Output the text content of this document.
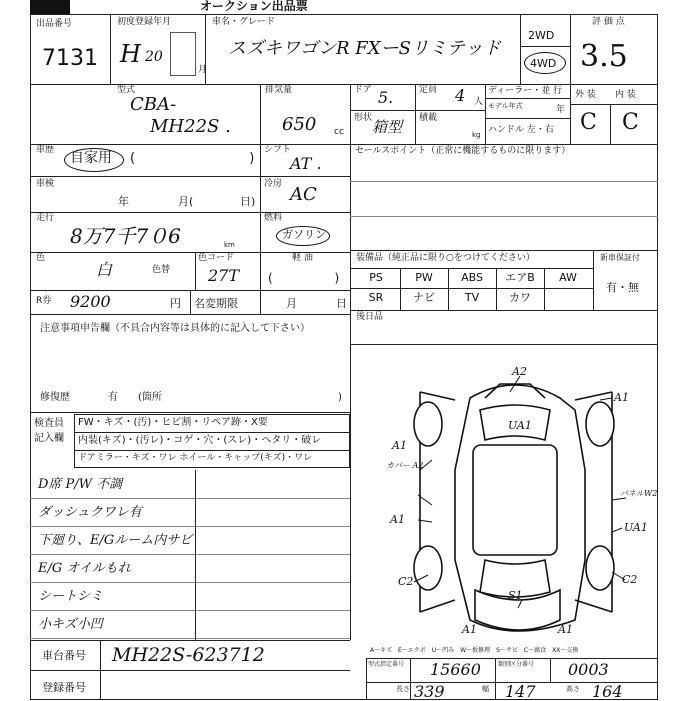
オークション出品票
出品番号
7131
初度登録年月
H 20
月
車名・グレード
スズキワゴンR FXーSリミテッド
2WD
4WD
評 価 点
3.5
型式
CBA-
MH22S .
排気量
650 cc
ドア 5.	定員 4 人
形状 箱型 積載
kg
ディーラー・並 行
モデル年式	年
ハンドル 左・右
外 装 内 装
C C
車歴 自家用 ( )
シフト
AT .
セールスポイント（正常に機能するものに限ります）
車検
年	月(	日)
冷房 AC
走行
8万7千7０6	km
燃料
ガソリン
軽 油
( )
色
白	色替
色コード
27T
R券 9200	円 名変期限	月	日
装備品（純正品に限り○をつけてください）	新車保証付
有・無
PS	PW	ABS	エアB	AW
SR	ナビ	TV	カワ
後日品
注意事項申告欄（不具合内容等は具体的に記入して下さい）
修復歴	有 (箇所	)
検査員
記入欄
FW・キズ・(汚)・ヒビ割・リペア跡・X要
内装(キズ)・(汚レ)・コゲ・穴・(スレ)・ヘタリ・破レ
ドアミラー・キズ・ワレ ホイール・キャップ(キズ)・ワレ
D席 P/W 不調
ダッシュクワレ有
下廻り、E/Gルーム内サビ
E/G オイルもれ
シートシミ
小キズ小凹
A2
A1
UA1
A1
カバー A2
A1
パネルW2
UA1
C2	C2
S1
A1	A1
A～キズ　E～エクボ　U～凹み　W～板修理　S～サビ　C～腐食　XX～交換
車台番号 MH22S-623712
登録番号
型式指定番号 15660	類別区分番号 0003
長さ 339	幅 147	高さ 164
